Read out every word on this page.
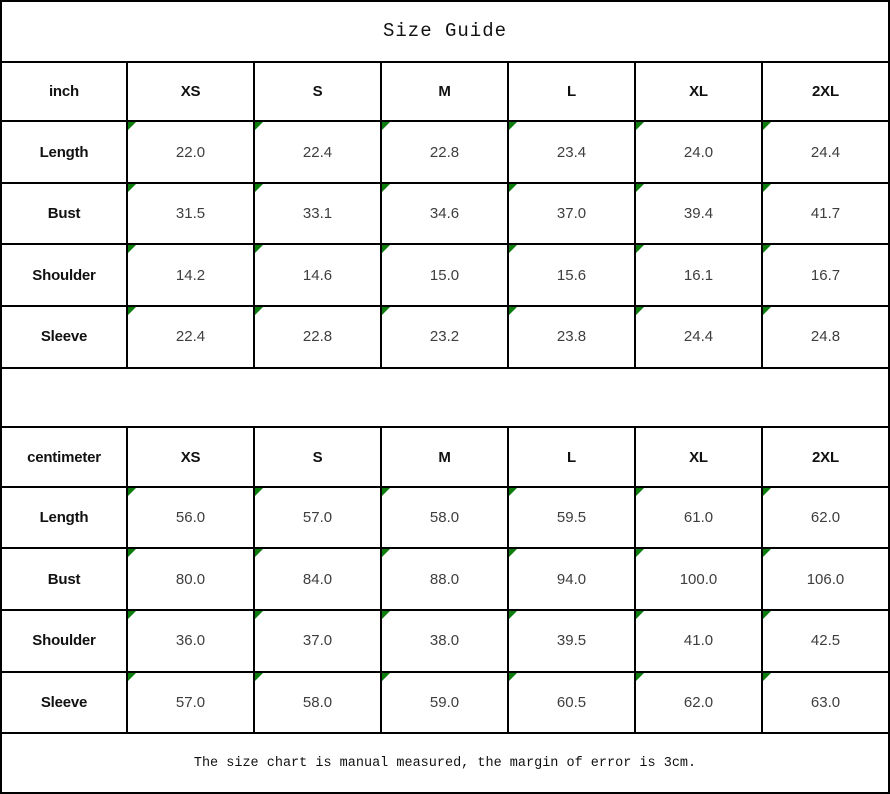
Size Guide						
inch	XS	S	M	L	XL	2XL
Length	22.0	22.4	22.8	23.4	24.0	24.4
Bust	31.5	33.1	34.6	37.0	39.4	41.7
Shoulder	14.2	14.6	15.0	15.6	16.1	16.7
Sleeve	22.4	22.8	23.2	23.8	24.4	24.8

centimeter	XS	S	M	L	XL	2XL
Length	56.0	57.0	58.0	59.5	61.0	62.0
Bust	80.0	84.0	88.0	94.0	100.0	106.0
Shoulder	36.0	37.0	38.0	39.5	41.0	42.5
Sleeve	57.0	58.0	59.0	60.5	62.0	63.0
The size chart is manual measured, the margin of error is 3cm.						
